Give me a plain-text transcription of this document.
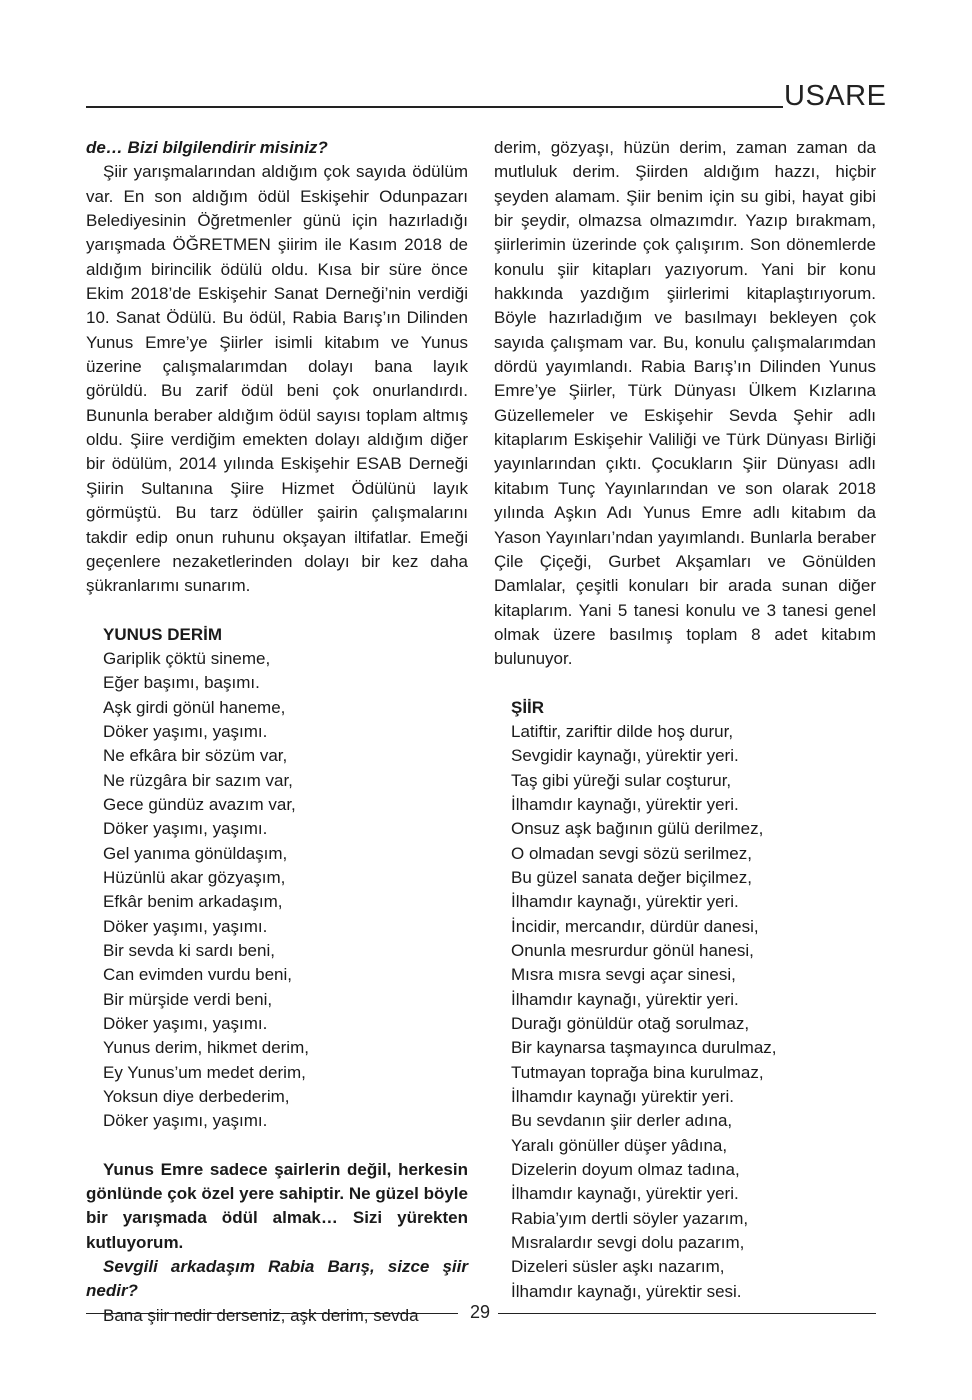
USARE

de… Bizi bilgilendirir misiniz?

Şiir yarışmalarından aldığım çok sayıda ödülüm var. En son aldığım ödül Eskişehir Odunpazarı Belediyesinin Öğretmenler günü için hazırladığı yarışmada ÖĞRETMEN şiirim ile Kasım 2018 de aldığım birincilik ödülü oldu. Kısa bir süre önce Ekim 2018’de Eskişehir Sanat Derneği’nin verdiği 10. Sanat Ödülü. Bu ödül, Rabia Barış’ın Dilinden Yunus Emre’ye Şiirler isimli kitabım ve Yunus üzerine çalışmalarımdan dolayı bana layık görüldü. Bu zarif ödül beni çok onurlandırdı. Bununla beraber aldığım ödül sayısı toplam altmış oldu. Şiire verdiğim emekten dolayı aldığım diğer bir ödülüm, 2014 yılında Eskişehir ESAB Derneği Şiirin Sultanına Şiire Hizmet Ödülünü layık görmüştü. Bu tarz ödüller şairin çalışmalarını takdir edip onun ruhunu okşayan iltifatlar. Emeği geçenlere nezaketlerinden dolayı bir kez daha şükranlarımı sunarım.

YUNUS DERİM
Gariplik çöktü sineme,
Eğer başımı, başımı.
Aşk girdi gönül haneme,
Döker yaşımı, yaşımı.
Ne efkâra bir sözüm var,
Ne rüzgâra bir sazım var,
Gece gündüz avazım var,
Döker yaşımı, yaşımı.
Gel yanıma gönüldaşım,
Hüzünlü akar gözyaşım,
Efkâr benim arkadaşım,
Döker yaşımı, yaşımı.
Bir sevda ki sardı beni,
Can evimden vurdu beni,
Bir mürşide verdi beni,
Döker yaşımı, yaşımı.
Yunus derim, hikmet derim,
Ey Yunus’um medet derim,
Yoksun diye derbederim,
Döker yaşımı, yaşımı.

Yunus Emre sadece şairlerin değil, herkesin gönlünde çok özel yere sahiptir. Ne güzel böyle bir yarışmada ödül almak… Sizi yürekten kutluyorum.

Sevgili arkadaşım Rabia Barış, sizce şiir nedir?

Bana şiir nedir derseniz, aşk derim, sevda

derim, gözyaşı, hüzün derim, zaman zaman da mutluluk derim. Şiirden aldığım hazzı, hiçbir şeyden alamam. Şiir benim için su gibi, hayat gibi bir şeydir, olmazsa olmazımdır. Yazıp bırakmam, şiirlerimin üzerinde çok çalışırım. Son dönemlerde konulu şiir kitapları yazıyorum. Yani bir konu hakkında yazdığım şiirlerimi kitaplaştırıyorum. Böyle hazırladığım ve basılmayı bekleyen çok sayıda çalışmam var. Bu, konulu çalışmalarımdan dördü yayımlandı. Rabia Barış’ın Dilinden Yunus Emre’ye Şiirler, Türk Dünyası Ülkem Kızlarına Güzellemeler ve Eskişehir Sevda Şehir adlı kitaplarım Eskişehir Valiliği ve Türk Dünyası Birliği yayınlarından çıktı. Çocukların Şiir Dünyası adlı kitabım Tunç Yayınlarından ve son olarak 2018 yılında Aşkın Adı Yunus Emre adlı kitabım da Yason Yayınları’ndan yayımlandı. Bunlarla beraber Çile Çiçeği, Gurbet Akşamları ve Gönülden Damlalar, çeşitli konuları bir arada sunan diğer kitaplarım. Yani 5 tanesi konulu ve 3 tanesi genel olmak üzere basılmış toplam 8 adet kitabım bulunuyor.

ŞİİR
Latiftir, zariftir dilde hoş durur,
Sevgidir kaynağı, yürektir yeri.
Taş gibi yüreği sular coşturur,
İlhamdır kaynağı, yürektir yeri.
Onsuz aşk bağının gülü derilmez,
O olmadan sevgi sözü serilmez,
Bu güzel sanata değer biçilmez,
İlhamdır kaynağı, yürektir yeri.
İncidir, mercandır, dürdür danesi,
Onunla mesrurdur gönül hanesi,
Mısra mısra sevgi açar sinesi,
İlhamdır kaynağı, yürektir yeri.
Durağı gönüldür otağ sorulmaz,
Bir kaynarsa taşmayınca durulmaz,
Tutmayan toprağa bina kurulmaz,
İlhamdır kaynağı yürektir yeri.
Bu sevdanın şiir derler adına,
Yaralı gönüller düşer yâdına,
Dizelerin doyum olmaz tadına,
İlhamdır kaynağı, yürektir yeri.
Rabia’yım dertli söyler yazarım,
Mısralardır sevgi dolu pazarım,
Dizeleri süsler aşkı nazarım,
İlhamdır kaynağı, yürektir sesi.
29
